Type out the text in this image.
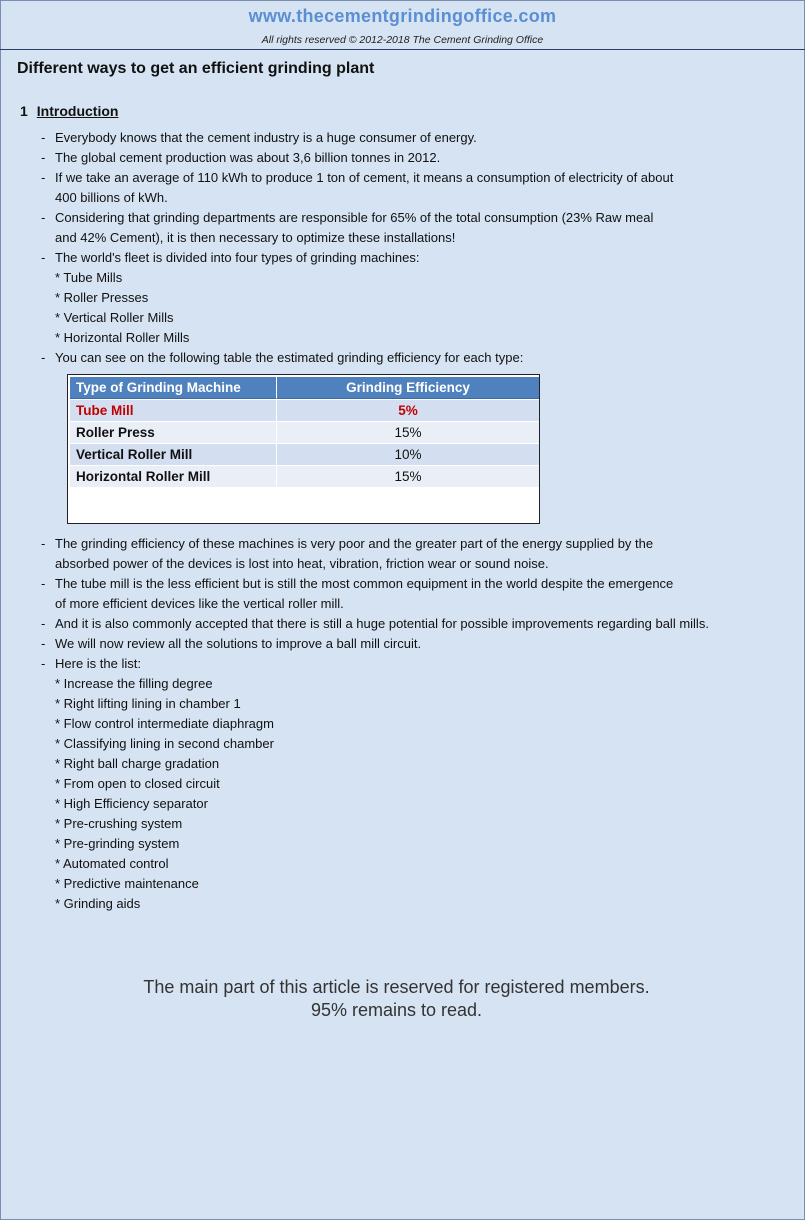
www.thecementgrindingoffice.com
All rights reserved © 2012-2018 The Cement Grinding Office
Different ways to get an efficient grinding plant
1 Introduction
- Everybody knows that the cement industry is a huge consumer of energy.
- The global cement production was about 3,6 billion tonnes in 2012.
- If we take an average of 110 kWh to produce 1 ton of cement, it means a consumption of electricity of about
400 billions of kWh.
- Considering that grinding departments are responsible for 65% of the total consumption (23% Raw meal
and 42% Cement), it is then necessary to optimize these installations!
- The world's fleet is divided into four types of grinding machines:
* Tube Mills
* Roller Presses
* Vertical Roller Mills
* Horizontal Roller Mills
- You can see on the following table the estimated grinding efficiency for each type:
Type of Grinding Machine	Grinding Efficiency
Tube Mill	5%
Roller Press	15%
Vertical Roller Mill	10%
Horizontal Roller Mill	15%
- The grinding efficiency of these machines is very poor and the greater part of the energy supplied by the
absorbed power of the devices is lost into heat, vibration, friction wear or sound noise.
- The tube mill is the less efficient but is still the most common equipment in the world despite the emergence
of more efficient devices like the vertical roller mill.
- And it is also commonly accepted that there is still a huge potential for possible improvements regarding ball mills.
- We will now review all the solutions to improve a ball mill circuit.
- Here is the list:
* Increase the filling degree
* Right lifting lining in chamber 1
* Flow control intermediate diaphragm
* Classifying lining in second chamber
* Right ball charge gradation
* From open to closed circuit
* High Efficiency separator
* Pre-crushing system
* Pre-grinding system
* Automated control
* Predictive maintenance
* Grinding aids
The main part of this article is reserved for registered members.
95% remains to read.
